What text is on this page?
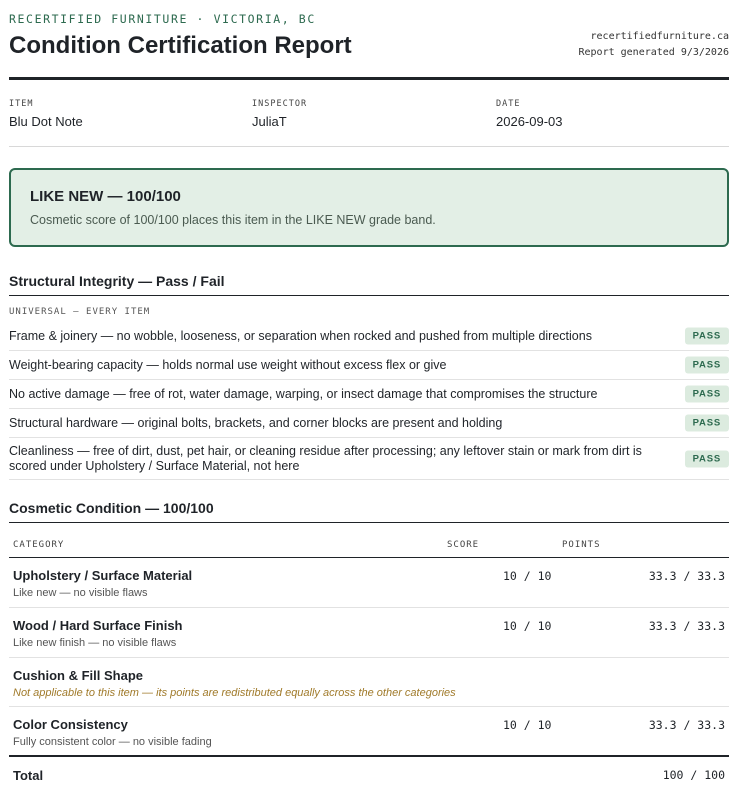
RECERTIFIED FURNITURE · VICTORIA, BC
Condition Certification Report	recertifiedfurniture.ca
Report generated 9/3/2026
ITEM
Blu Dot Note
INSPECTOR
JuliaT
DATE
2026-09-03
LIKE NEW — 100/100
Cosmetic score of 100/100 places this item in the LIKE NEW grade band.
Structural Integrity — Pass / Fail
UNIVERSAL — EVERY ITEM
Frame & joinery — no wobble, looseness, or separation when rocked and pushed from multiple directions	PASS
Weight-bearing capacity — holds normal use weight without excess flex or give	PASS
No active damage — free of rot, water damage, warping, or insect damage that compromises the structure	PASS
Structural hardware — original bolts, brackets, and corner blocks are present and holding	PASS
Cleanliness — free of dirt, dust, pet hair, or cleaning residue after processing; any leftover stain or mark from dirt is scored under Upholstery / Surface Material, not here	PASS
Cosmetic Condition — 100/100
CATEGORY	SCORE	POINTS
Upholstery / Surface Material
Like new — no visible flaws
10 / 10	33.3 / 33.3
Wood / Hard Surface Finish
Like new finish — no visible flaws
10 / 10	33.3 / 33.3
Cushion & Fill Shape
Not applicable to this item — its points are redistributed equally across the other categories
Color Consistency
Fully consistent color — no visible fading
10 / 10	33.3 / 33.3
Total	100 / 100
